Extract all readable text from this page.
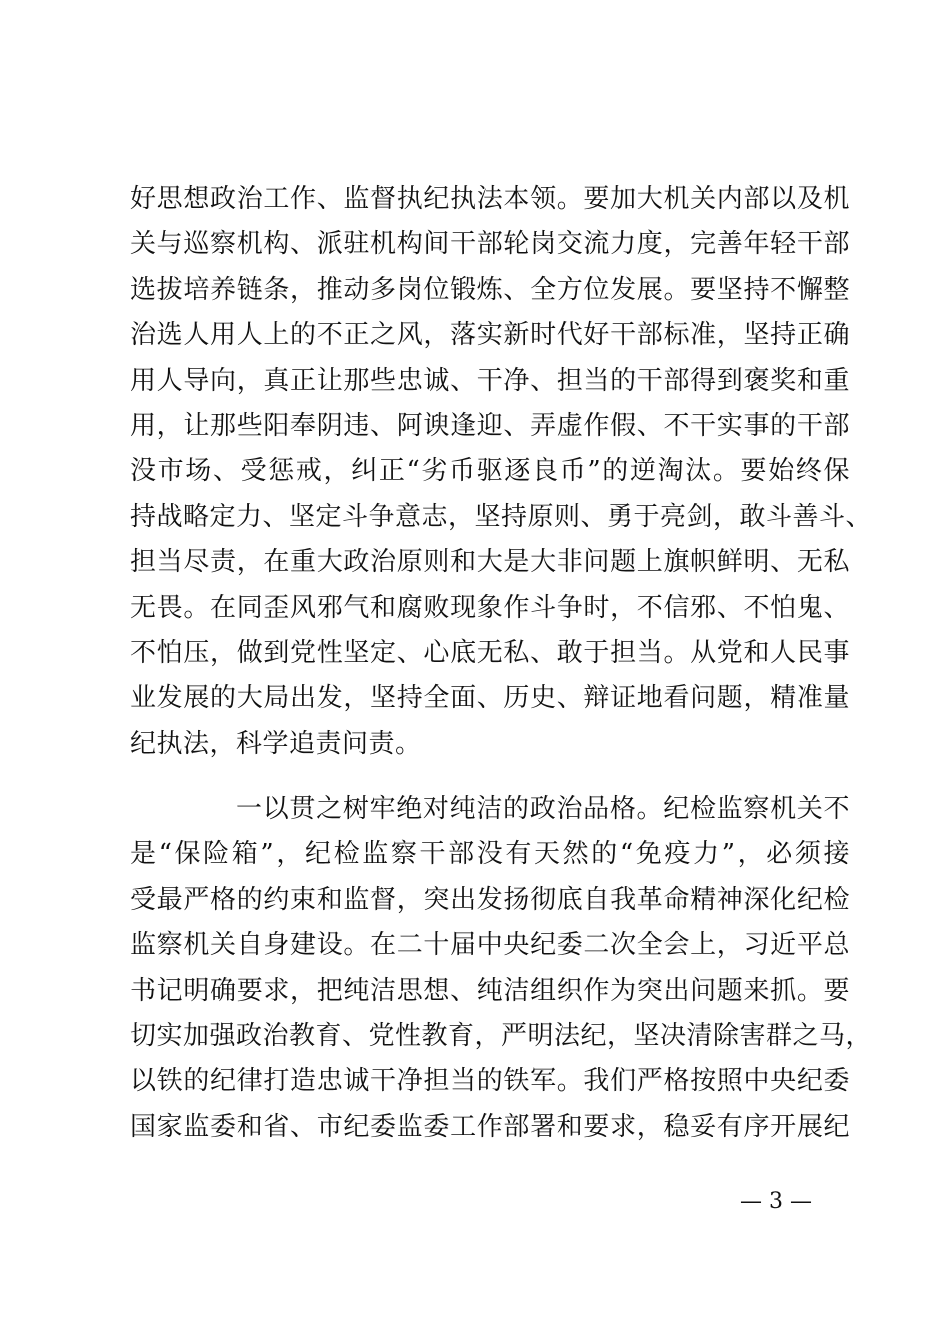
好思想政治工作、监督执纪执法本领。要加大机关内部以及机
关与巡察机构、派驻机构间干部轮岗交流力度，完善年轻干部
选拔培养链条，推动多岗位锻炼、全方位发展。要坚持不懈整
治选人用人上的不正之风，落实新时代好干部标准，坚持正确
用人导向，真正让那些忠诚、干净、担当的干部得到褒奖和重
用，让那些阳奉阴违、阿谀逢迎、弄虚作假、不干实事的干部
没市场、受惩戒，纠正“劣币驱逐良币”的逆淘汰。要始终保
持战略定力、坚定斗争意志，坚持原则、勇于亮剑，敢斗善斗、
担当尽责，在重大政治原则和大是大非问题上旗帜鲜明、无私
无畏。在同歪风邪气和腐败现象作斗争时，不信邪、不怕鬼、
不怕压，做到党性坚定、心底无私、敢于担当。从党和人民事
业发展的大局出发，坚持全面、历史、辩证地看问题，精准量
纪执法，科学追责问责。
一以贯之树牢绝对纯洁的政治品格。纪检监察机关不
是“保险箱”，纪检监察干部没有天然的“免疫力”，必须接
受最严格的约束和监督，突出发扬彻底自我革命精神深化纪检
监察机关自身建设。在二十届中央纪委二次全会上，习近平总
书记明确要求，把纯洁思想、纯洁组织作为突出问题来抓。要
切实加强政治教育、党性教育，严明法纪，坚决清除害群之马，
以铁的纪律打造忠诚干净担当的铁军。我们严格按照中央纪委
国家监委和省、市纪委监委工作部署和要求，稳妥有序开展纪
— 3 —
